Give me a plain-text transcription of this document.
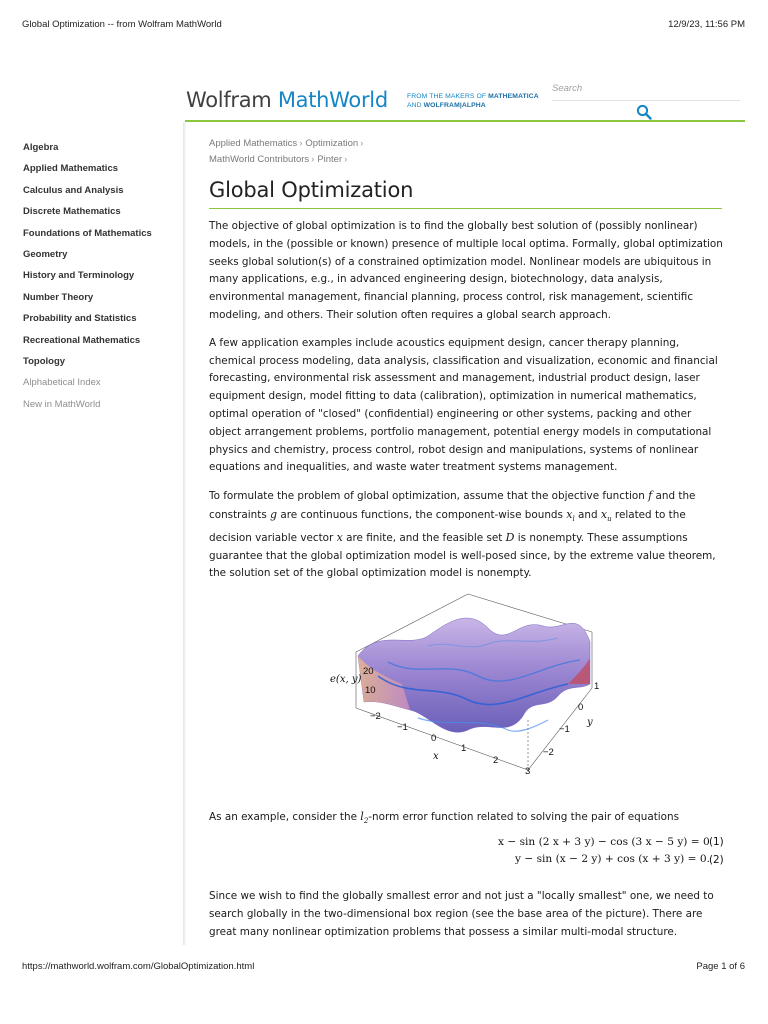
Global Optimization -- from Wolfram MathWorld	12/9/23, 11:56 PM
Wolfram MathWorld	FROM THE MAKERS OF MATHEMATICA
AND WOLFRAM|ALPHA
Search
Algebra
Applied Mathematics
Calculus and Analysis
Discrete Mathematics
Foundations of Mathematics
Geometry
History and Terminology
Number Theory
Probability and Statistics
Recreational Mathematics
Topology
Alphabetical Index
New in MathWorld
Applied Mathematics › Optimization ›
MathWorld Contributors › Pinter ›
Global Optimization

The objective of global optimization is to find the globally best solution of (possibly nonlinear) models, in the (possible or known) presence of multiple local optima. Formally, global optimization seeks global solution(s) of a constrained optimization model. Nonlinear models are ubiquitous in many applications, e.g., in advanced engineering design, biotechnology, data analysis, environmental management, financial planning, process control, risk management, scientific modeling, and others. Their solution often requires a global search approach.

A few application examples include acoustics equipment design, cancer therapy planning, chemical process modeling, data analysis, classification and visualization, economic and financial forecasting, environmental risk assessment and management, industrial product design, laser equipment design, model fitting to data (calibration), optimization in numerical mathematics, optimal operation of "closed" (confidential) engineering or other systems, packing and other object arrangement problems, portfolio management, potential energy models in computational physics and chemistry, process control, robot design and manipulations, systems of nonlinear equations and inequalities, and waste water treatment systems management.

To formulate the problem of global optimization, assume that the objective function f and the constraints g are continuous functions, the component-wise bounds $x_l$ and $x_u$ related to the decision variable vector x are finite, and the feasible set D is nonempty. These assumptions guarantee that the global optimization model is well-posed since, by the extreme value theorem, the solution set of the global optimization model is nonempty.

e(x, y)
20
10
−2
−1
0
1
2
3
x
1
0
−1
−2
y
As an example, consider the $l_2$-norm error function related to solving the pair of equations
x − sin (2 x + 3 y) − cos (3 x − 5 y) = 0 (1)
y − sin (x − 2 y) + cos (x + 3 y) = 0. (2)

Since we wish to find the globally smallest error and not just a "locally smallest" one, we need to search globally in the two-dimensional box region (see the base area of the picture). There are great many nonlinear optimization problems that possess a similar multi-modal structure.

https://mathworld.wolfram.com/GlobalOptimization.html	Page 1 of 6
